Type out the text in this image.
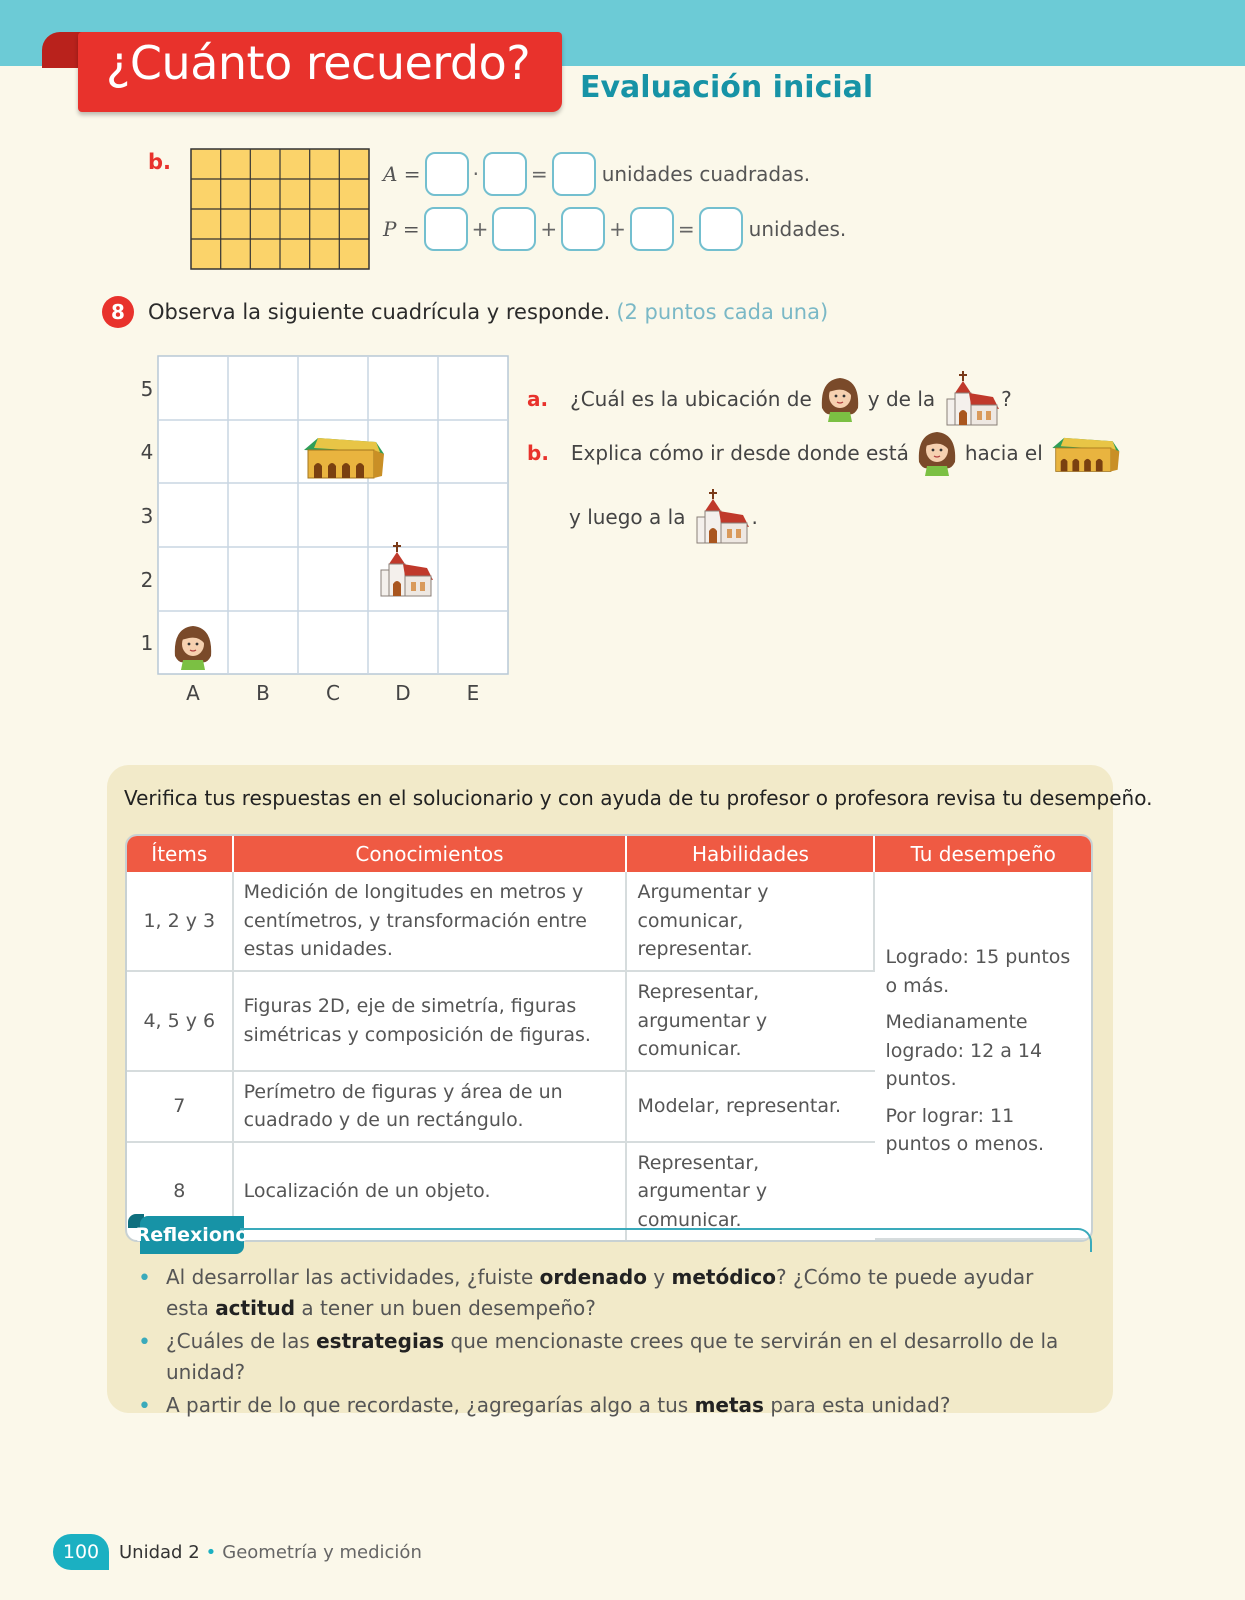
¿Cuánto recuerdo? Evaluación inicial
b.	A =	·	=	unidades cuadradas.
P =	+	+	+	=	unidades.
8	Observa la siguiente cuadrícula y responde. (2 puntos cada una)
5
4
3
2
1
A	B	C	D	E
a. ¿Cuál es la ubicación de	y de la	?
b. Explica cómo ir desde donde está	hacia el
y luego a la	.
Verifica tus respuestas en el solucionario y con ayuda de tu profesor o profesora revisa tu desempeño.
Ítems	Conocimientos	Habilidades	Tu desempeño
1, 2 y 3	Medición de longitudes en metros y centímetros, y transformación entre estas unidades.	Argumentar y comunicar, representar.	Logrado: 15 puntos o más.

Medianamente logrado: 12 a 14 puntos.

Por lograr: 11 puntos o menos.

4, 5 y 6	Figuras 2D, eje de simetría, figuras simétricas y composición de figuras.	Representar, argumentar y comunicar.	
7	Perímetro de figuras y área de un cuadrado y de un rectángulo.	Modelar, representar.	
8	Localización de un objeto.	Representar, argumentar y comunicar.	
Reflexiono
• Al desarrollar las actividades, ¿fuiste ordenado y metódico? ¿Cómo te puede ayudar esta actitud a tener un buen desempeño?
• ¿Cuáles de las estrategias que mencionaste crees que te servirán en el desarrollo de la unidad?
• A partir de lo que recordaste, ¿agregarías algo a tus metas para esta unidad?
100	Unidad 2 • Geometría y medición
